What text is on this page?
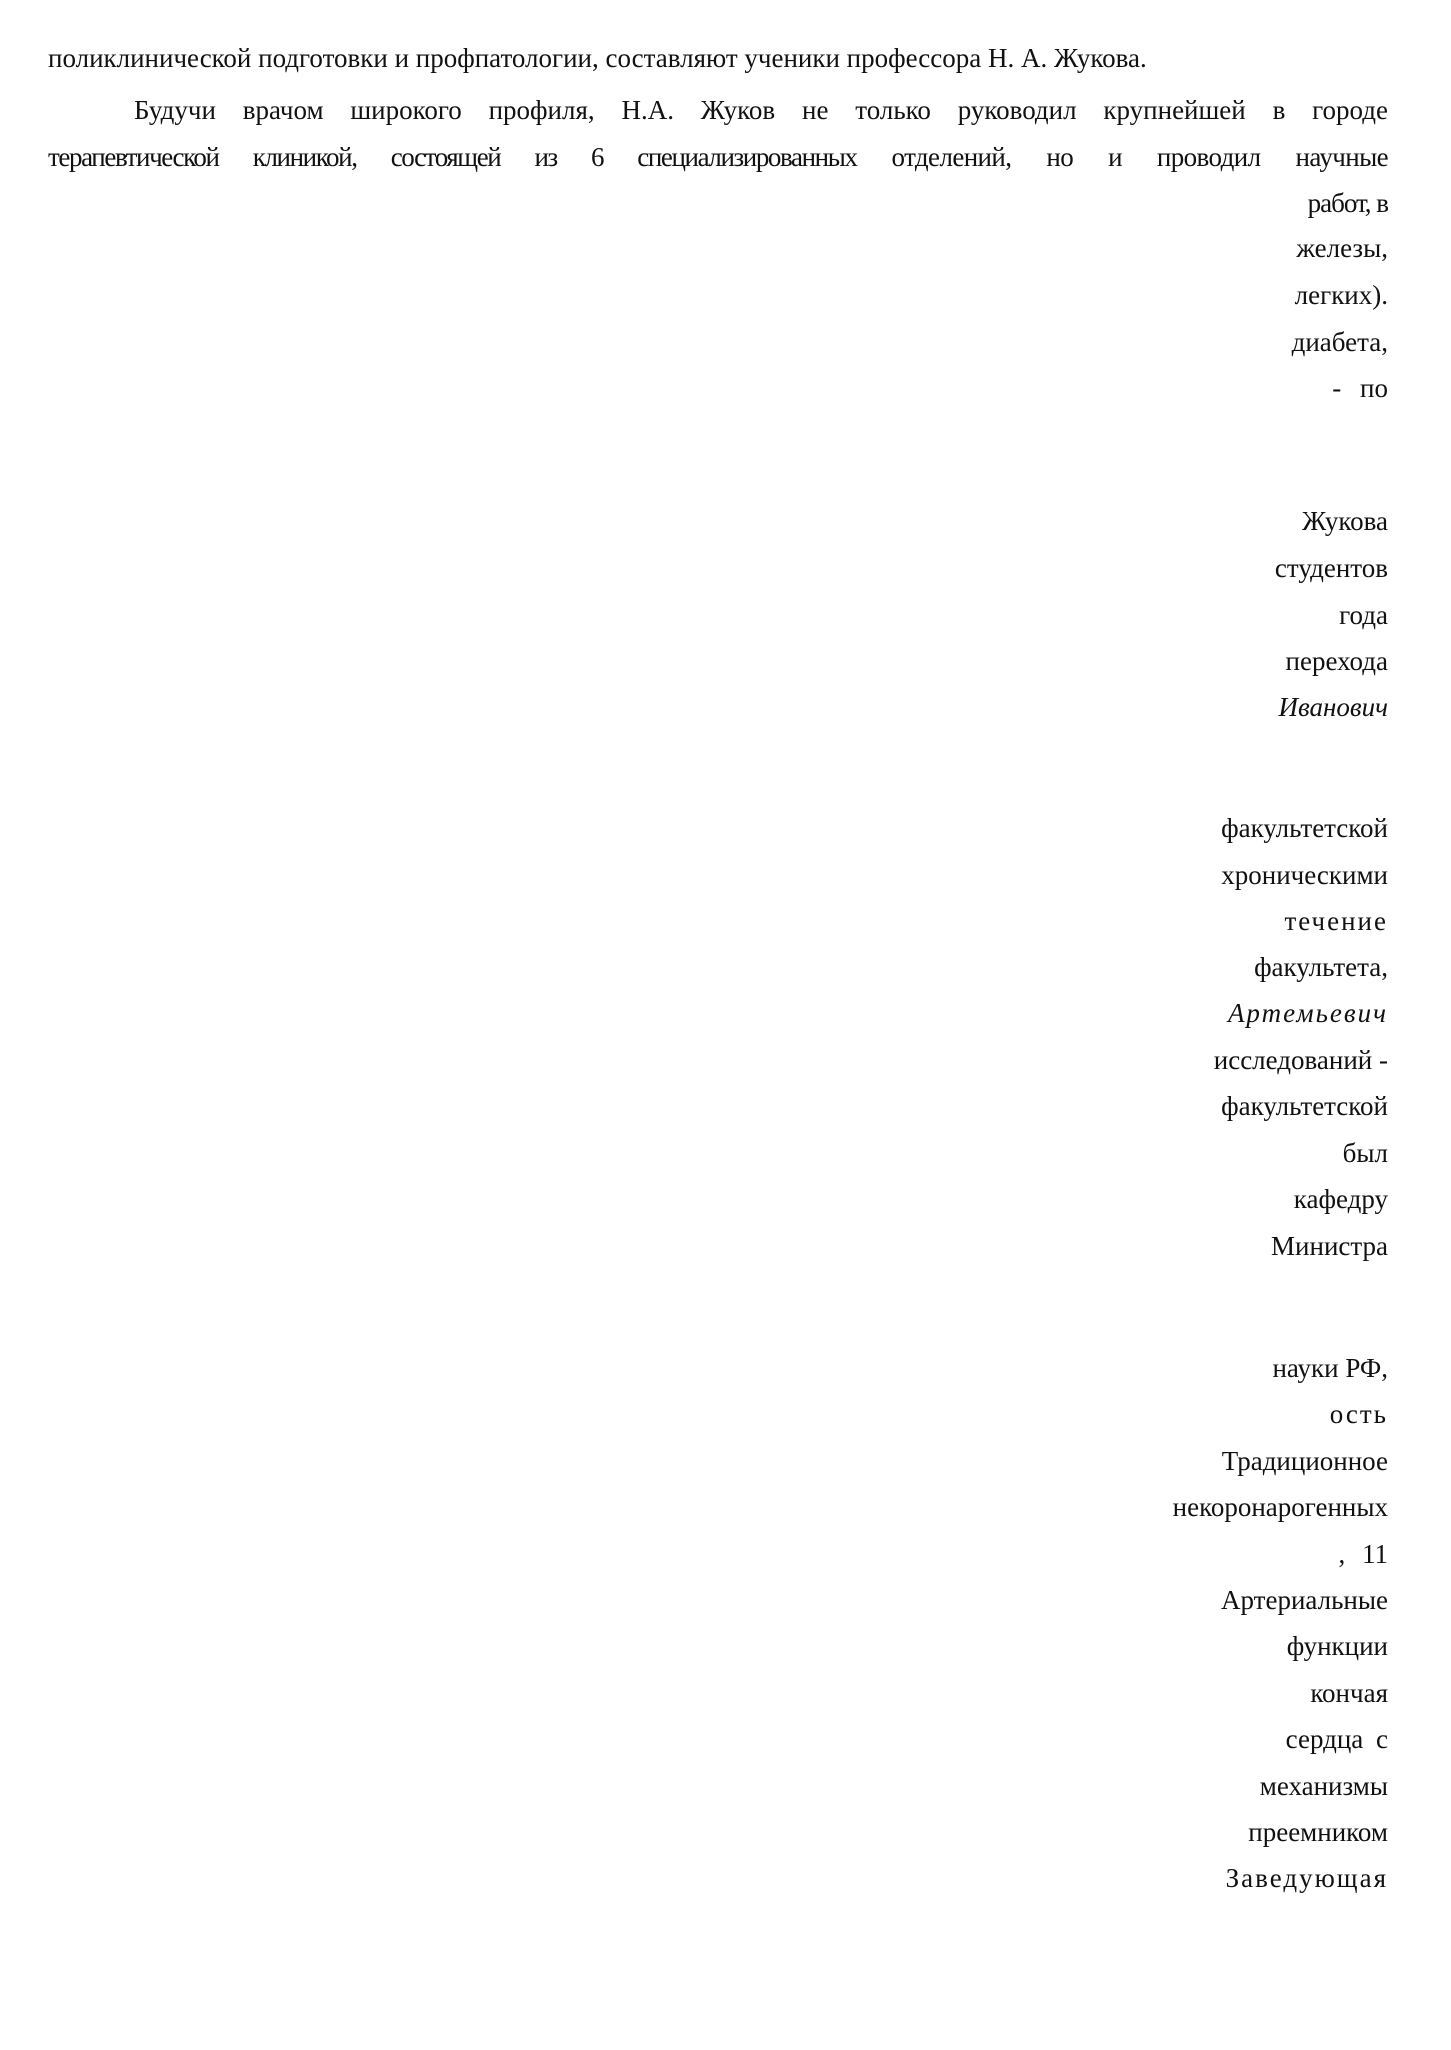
поликлинической подготовки и профпатологии, составляют ученики профессора Н. А. Жукова.
Будучи врачом широкого профиля, Н.А. Жуков не только руководил крупнейшей в городе
терапевтической клиникой, состоящей из 6 специализированных отделений, но и проводил научные
работ, в
железы,
легких).
диабета,
- по
Жукова
студентов
года
перехода
Иванович
факультетской
хроническими
течение
факультета,
Артемьевич
исследований -
факультетской
был
кафедру
Министра
науки РФ,
ость
Традиционное
некоронарогенных
, 11
Артериальные
функции
кончая
сердца с
механизмы
преемником
Заведующая
